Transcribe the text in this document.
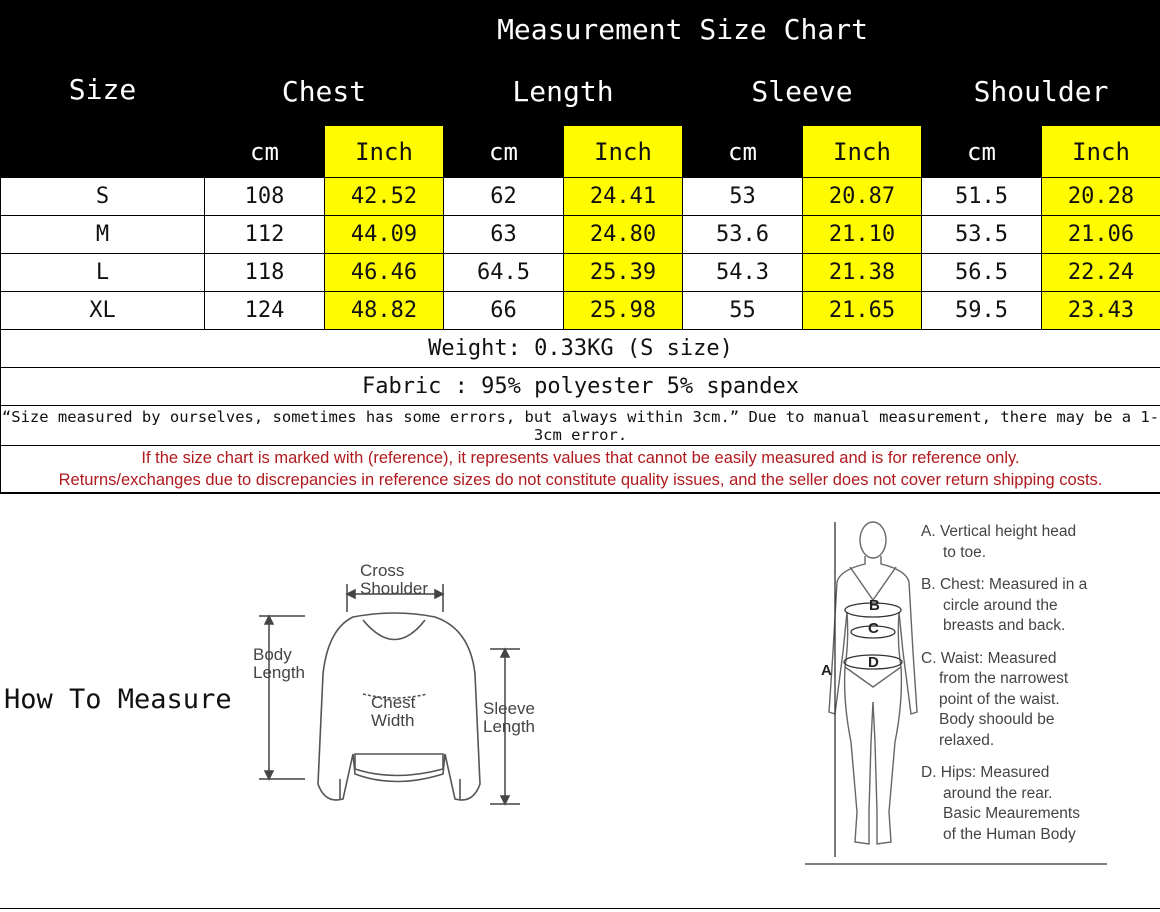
Size	Measurement Size Chart							
	Chest		Length		Sleeve		Shoulder	
	cm	Inch	cm	Inch	cm	Inch	cm	Inch
S	108	42.52	62	24.41	53	20.87	51.5	20.28
M	112	44.09	63	24.80	53.6	21.10	53.5	21.06
L	118	46.46	64.5	25.39	54.3	21.38	56.5	22.24
XL	124	48.82	66	25.98	55	21.65	59.5	23.43
Weight: 0.33KG (S size)								
Fabric : 95% polyester 5% spandex								
“Size measured by ourselves, sometimes has some errors, but always within 3cm.” Due to manual measurement, there may be a 1-3cm error.								

If the size chart is marked with (reference), it represents values that cannot be easily measured and is for reference only.
Returns/exchanges due to discrepancies in reference sizes do not constitute quality issues, and the seller does not cover return shipping costs.								
How To Measure
Cross
Shoulder
Body
Length
Chest
Width
Sleeve
Length
B
C
D
A
A. Vertical height head
to toe.
B. Chest: Measured in a
circle around the
breasts and back.
C. Waist: Measured
from the narrowest
point of the waist.
Body shoould be
relaxed.
D. Hips: Measured
around the rear.
Basic Meaurements
of the Human Body
